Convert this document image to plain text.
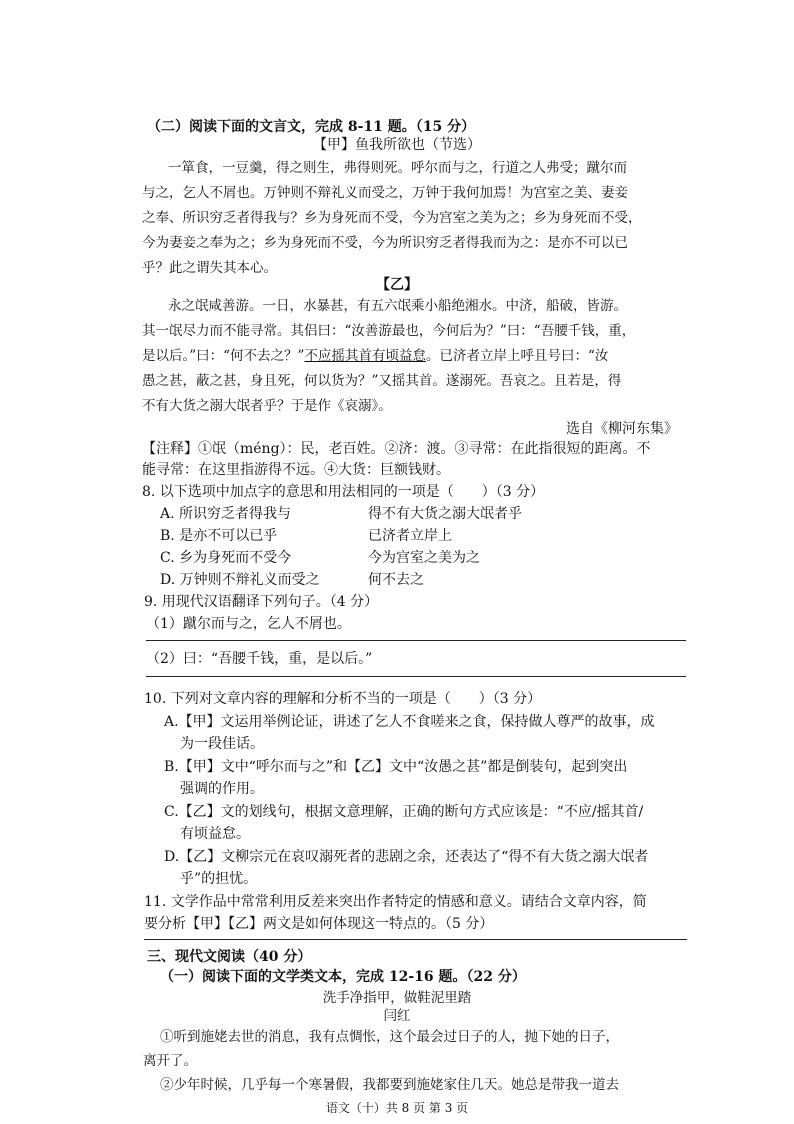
（二）阅读下面的文言文，完成 8-11 题。（15 分）
【甲】鱼我所欲也（节选）
一箪食，一豆羹，得之则生，弗得则死。呼尔而与之，行道之人弗受；蹴尔而
与之，乞人不屑也。万钟则不辩礼义而受之，万钟于我何加焉！为宫室之美、妻妾
之奉、所识穷乏者得我与？乡为身死而不受，今为宫室之美为之；乡为身死而不受，
今为妻妾之奉为之；乡为身死而不受，今为所识穷乏者得我而为之：是亦不可以已
乎？此之谓失其本心。
【乙】
永之氓咸善游。一日，水暴甚，有五六氓乘小船绝湘水。中济，船破，皆游。
其一氓尽力而不能寻常。其侣曰：“汝善游最也，今何后为？”曰：“吾腰千钱，重，
是以后。”曰：“何不去之？”不应摇其首有顷益怠。已济者立岸上呼且号曰：“汝
愚之甚，蔽之甚，身且死，何以货为？”又摇其首。遂溺死。吾哀之。且若是，得
不有大货之溺大氓者乎？于是作《哀溺》。
选自《柳河东集》
【注释】①氓（méng）：民，老百姓。②济：渡。③寻常：在此指很短的距离。不
能寻常：在这里指游得不远。④大货：巨额钱财。
8. 以下选项中加点字的意思和用法相同的一项是（　　）（3 分）
A. 所识穷乏者得我与	得不有大货之溺大氓者乎
B. 是亦不可以已乎	已济者立岸上
C. 乡为身死而不受今	今为宫室之美为之
D. 万钟则不辩礼义而受之	何不去之
9. 用现代汉语翻译下列句子。（4 分）
（1）蹴尔而与之，乞人不屑也。
（2）曰：“吾腰千钱，重，是以后。”
10. 下列对文章内容的理解和分析不当的一项是（　　）（3 分）
A.【甲】文运用举例论证，讲述了乞人不食嗟来之食，保持做人尊严的故事，成
为一段佳话。
B.【甲】文中“呼尔而与之”和【乙】文中“汝愚之甚”都是倒装句，起到突出
强调的作用。
C.【乙】文的划线句，根据文意理解，正确的断句方式应该是：“不应/摇其首/
有顷益怠。
D.【乙】文柳宗元在哀叹溺死者的悲剧之余，还表达了“得不有大货之溺大氓者
乎”的担忧。
11. 文学作品中常常利用反差来突出作者特定的情感和意义。请结合文章内容，简
要分析【甲】【乙】两文是如何体现这一特点的。（5 分）
三、现代文阅读（40 分）
（一）阅读下面的文学类文本，完成 12-16 题。（22 分）
洗手净指甲，做鞋泥里踏
闫红
①听到施姥去世的消息，我有点惆怅，这个最会过日子的人，抛下她的日子，
离开了。
②少年时候，几乎每一个寒暑假，我都要到施姥家住几天。她总是带我一道去
语文（十）共 8 页 第 3 页
